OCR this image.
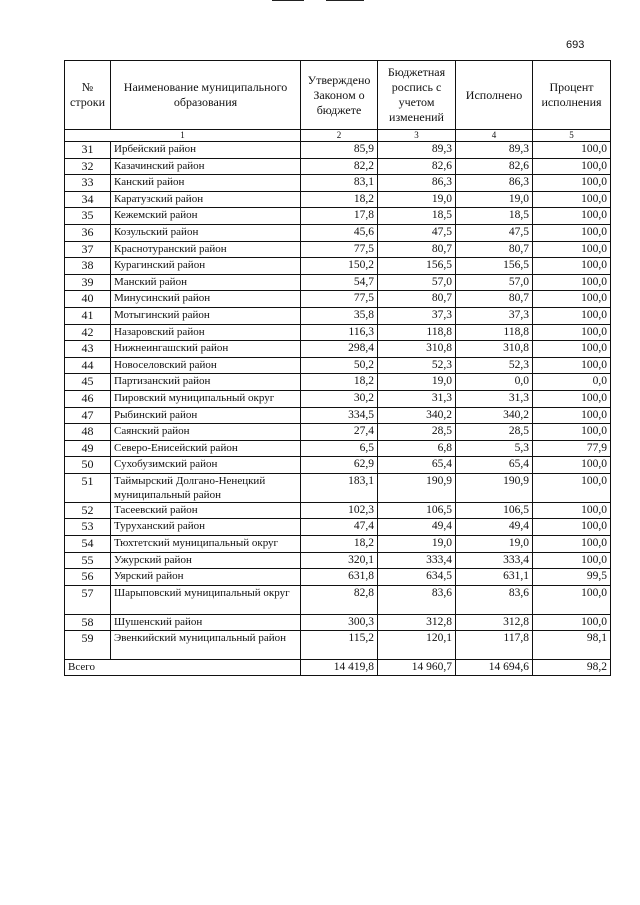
693
№ строки	Наименование муниципального образования	Утверждено Законом о бюджете	Бюджетная роспись с учетом изменений	Исполнено	Процент исполнения
1		2	3	4	5
31	Ирбейский район	85,9	89,3	89,3	100,0
32	Казачинский район	82,2	82,6	82,6	100,0
33	Канский район	83,1	86,3	86,3	100,0
34	Каратузский район	18,2	19,0	19,0	100,0
35	Кежемский район	17,8	18,5	18,5	100,0
36	Козульский район	45,6	47,5	47,5	100,0
37	Краснотуранский район	77,5	80,7	80,7	100,0
38	Курагинский район	150,2	156,5	156,5	100,0
39	Манский район	54,7	57,0	57,0	100,0
40	Минусинский район	77,5	80,7	80,7	100,0
41	Мотыгинский район	35,8	37,3	37,3	100,0
42	Назаровский район	116,3	118,8	118,8	100,0
43	Нижнеингашский район	298,4	310,8	310,8	100,0
44	Новоселовский район	50,2	52,3	52,3	100,0
45	Партизанский район	18,2	19,0	0,0	0,0
46	Пировский муниципальный округ	30,2	31,3	31,3	100,0
47	Рыбинский район	334,5	340,2	340,2	100,0
48	Саянский район	27,4	28,5	28,5	100,0
49	Северо-Енисейский район	6,5	6,8	5,3	77,9
50	Сухобузимский район	62,9	65,4	65,4	100,0
51	Таймырский Долгано-Ненецкий муниципальный район	183,1	190,9	190,9	100,0
52	Тасеевский район	102,3	106,5	106,5	100,0
53	Туруханский район	47,4	49,4	49,4	100,0
54	Тюхтетский муниципальный округ	18,2	19,0	19,0	100,0
55	Ужурский район	320,1	333,4	333,4	100,0
56	Уярский район	631,8	634,5	631,1	99,5
57	Шарыповский муниципальный округ	82,8	83,6	83,6	100,0
58	Шушенский район	300,3	312,8	312,8	100,0
59	Эвенкийский муниципальный район	115,2	120,1	117,8	98,1
Всего		14 419,8	14 960,7	14 694,6	98,2
